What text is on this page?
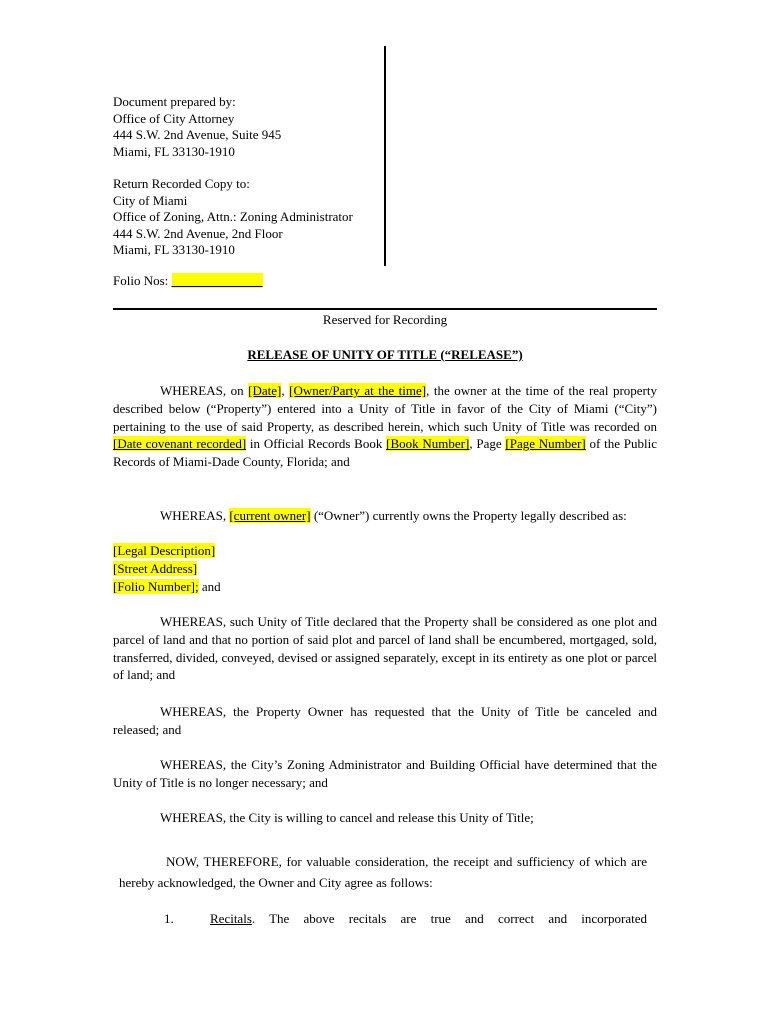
Document prepared by:
Office of City Attorney
444 S.W. 2nd Avenue, Suite 945
Miami, FL 33130-1910
Return Recorded Copy to:
City of Miami
Office of Zoning, Attn.: Zoning Administrator
444 S.W. 2nd Avenue, 2nd Floor
Miami, FL 33130-1910
Folio Nos: ______________
Reserved for Recording
RELEASE OF UNITY OF TITLE (“RELEASE”)
WHEREAS, on [Date], [Owner/Party at the time], the owner at the time of the real property described below (“Property”) entered into a Unity of Title in favor of the City of Miami (“City”) pertaining to the use of said Property, as described herein, which such Unity of Title was recorded on [Date covenant recorded] in Official Records Book [Book Number], Page [Page Number] of the Public Records of Miami-Dade County, Florida; and
WHEREAS, [current owner] (“Owner”) currently owns the Property legally described as:
[Legal Description]
[Street Address]
[Folio Number]; and
WHEREAS, such Unity of Title declared that the Property shall be considered as one plot and parcel of land and that no portion of said plot and parcel of land shall be encumbered, mortgaged, sold, transferred, divided, conveyed, devised or assigned separately, except in its entirety as one plot or parcel of land; and
WHEREAS, the Property Owner has requested that the Unity of Title be canceled and released; and
WHEREAS, the City’s Zoning Administrator and Building Official have determined that the Unity of Title is no longer necessary; and
WHEREAS, the City is willing to cancel and release this Unity of Title;
NOW, THEREFORE, for valuable consideration, the receipt and sufficiency of which are hereby acknowledged, the Owner and City agree as follows:
1.	Recitals. The above recitals are true and correct and incorporated
